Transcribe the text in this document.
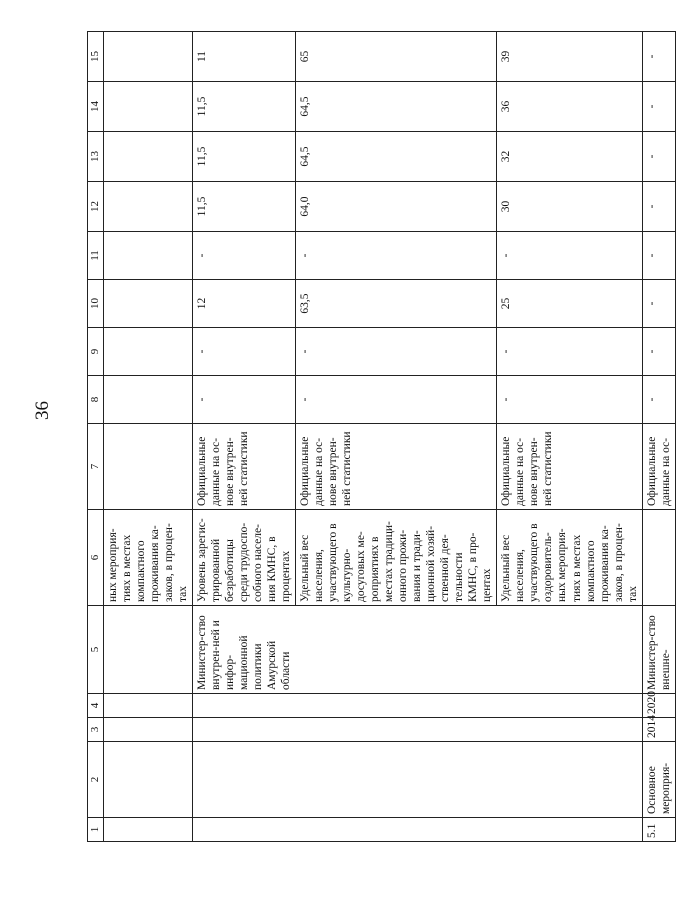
36
1	2	3	4	5	6	7	8	9	10	11	12	13	14	15
					ных мероприя-тиях в местах компактного проживания ка-заков, в процен-тах									
				Министер-ство внутрен-ней и инфор-мационной политики Амурской области	Уровень зарегис-трированной безработицы среди трудоспо-собного населе-ния КМНС, в процентах	Официальные данные на ос-нове внутрен-ней статистики	-	-	12	-	11,5	11,5	11,5	11
					Удельный вес населения, участвующего в культурно-досуговых ме-роприятиях в местах традици-онного прожи-вания и тради-ционной хозяй-ственной дея-тельности КМНС, в про-центах	Официальные данные на ос-нове внутрен-ней статистики	-	-	63,5	-	64,0	64,5	64,5	65
					Удельный вес населения, участвующего в оздоровитель-ных мероприя-тиях в местах компактного проживания ка-заков, в процен-тах	Официальные данные на ос-нове внутрен-ней статистики	-	-	25	-	30	32	36	39
5.1	Основное мероприя-	2014	2020	Министер-ство внешне-		Официальные данные на ос-	-	-	-	-	-	-	-	-
